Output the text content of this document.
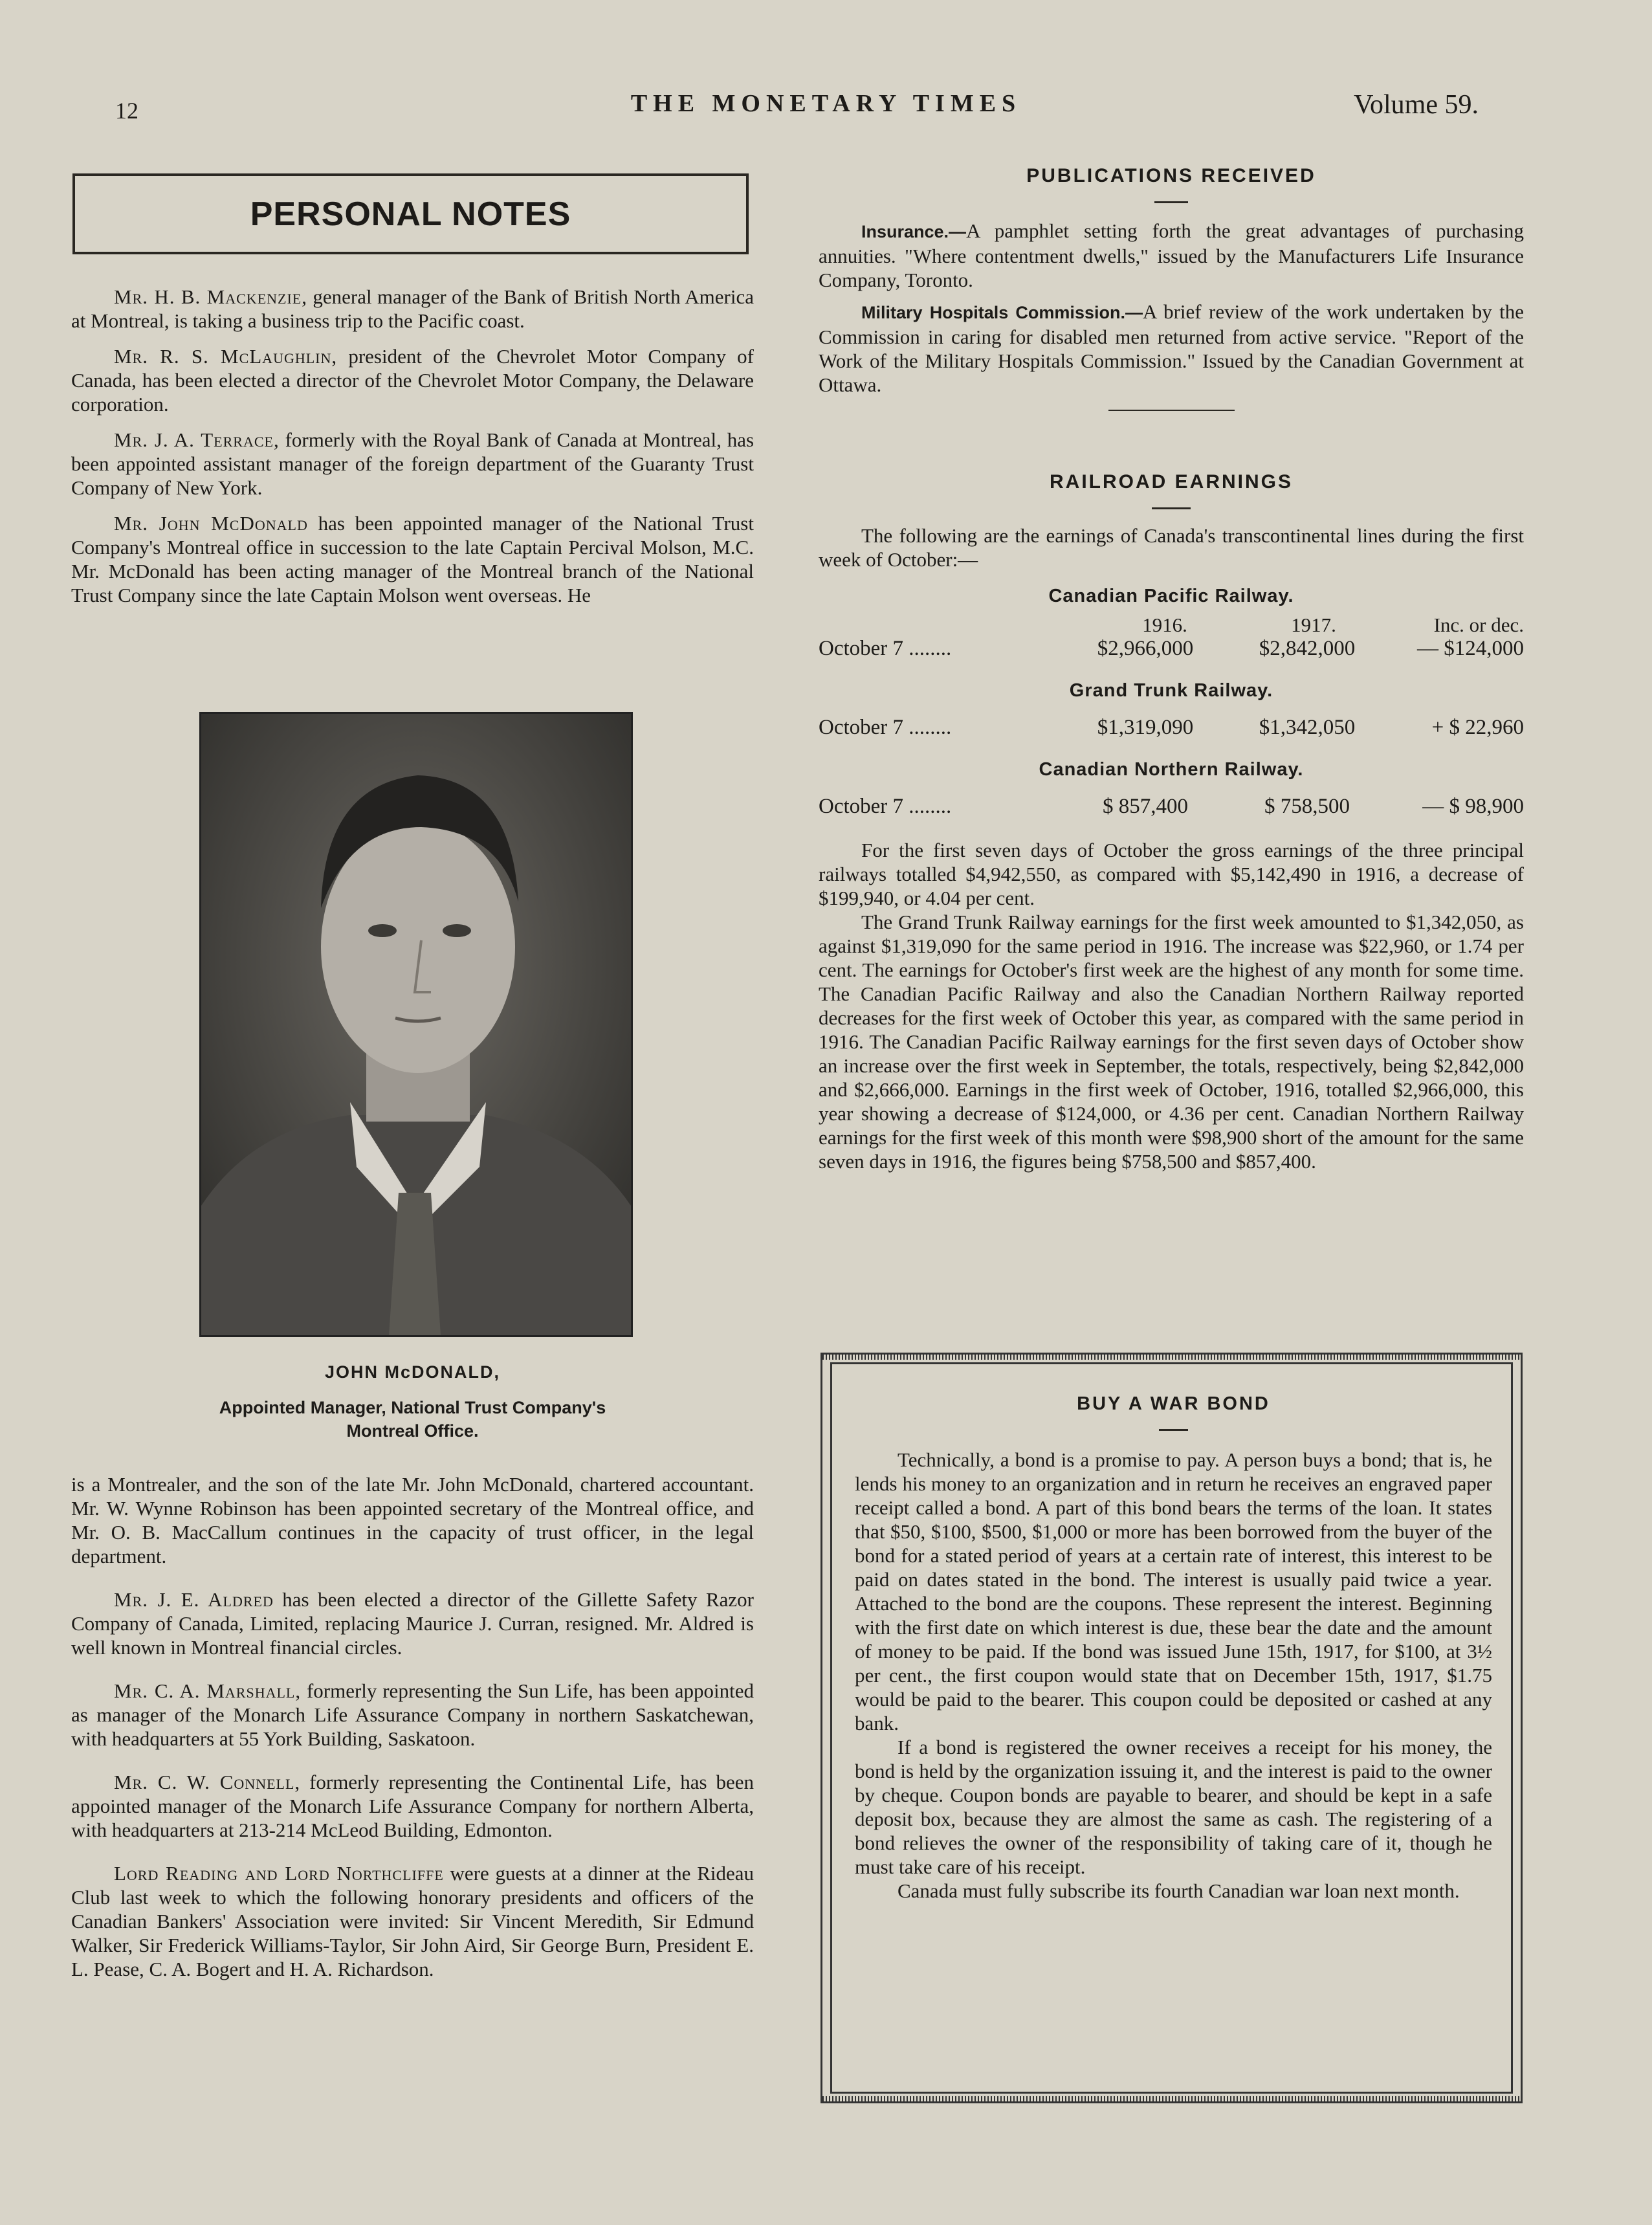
12	THE MONETARY TIMES	Volume 59.
PERSONAL NOTES

Mr. H. B. Mackenzie, general manager of the Bank of British North America at Montreal, is taking a business trip to the Pacific coast.

Mr. R. S. McLaughlin, president of the Chevrolet Motor Company of Canada, has been elected a director of the Chevrolet Motor Company, the Delaware corporation.

Mr. J. A. Terrace, formerly with the Royal Bank of Canada at Montreal, has been appointed assistant manager of the foreign department of the Guaranty Trust Company of New York.

Mr. John McDonald has been appointed manager of the National Trust Company's Montreal office in succession to the late Captain Percival Molson, M.C. Mr. McDonald has been acting manager of the Montreal branch of the National Trust Company since the late Captain Molson went overseas. He

JOHN McDONALD,
Appointed Manager, National Trust Company's
Montreal Office.

is a Montrealer, and the son of the late Mr. John McDonald, chartered accountant. Mr. W. Wynne Robinson has been appointed secretary of the Montreal office, and Mr. O. B. MacCallum continues in the capacity of trust officer, in the legal department.

Mr. J. E. Aldred has been elected a director of the Gillette Safety Razor Company of Canada, Limited, replacing Maurice J. Curran, resigned. Mr. Aldred is well known in Montreal financial circles.

Mr. C. A. Marshall, formerly representing the Sun Life, has been appointed as manager of the Monarch Life Assurance Company in northern Saskatchewan, with headquarters at 55 York Building, Saskatoon.

Mr. C. W. Connell, formerly representing the Continental Life, has been appointed manager of the Monarch Life Assurance Company for northern Alberta, with headquarters at 213-214 McLeod Building, Edmonton.

Lord Reading and Lord Northcliffe were guests at a dinner at the Rideau Club last week to which the following honorary presidents and officers of the Canadian Bankers' Association were invited: Sir Vincent Meredith, Sir Edmund Walker, Sir Frederick Williams-Taylor, Sir John Aird, Sir George Burn, President E. L. Pease, C. A. Bogert and H. A. Richardson.

PUBLICATIONS RECEIVED

Insurance.—A pamphlet setting forth the great advantages of purchasing annuities. "Where contentment dwells," issued by the Manufacturers Life Insurance Company, Toronto.

Military Hospitals Commission.—A brief review of the work undertaken by the Commission in caring for disabled men returned from active service. "Report of the Work of the Military Hospitals Commission." Issued by the Canadian Government at Ottawa.

RAILROAD EARNINGS

The following are the earnings of Canada's transcontinental lines during the first week of October:—

Canadian Pacific Railway.
1916.	1917.	Inc. or dec.
October 7 ........	$2,966,000	$2,842,000	— $124,000
Grand Trunk Railway.
October 7 ........	$1,319,090	$1,342,050	+ $ 22,960
Canadian Northern Railway.
October 7 ........	$ 857,400	$ 758,500	— $ 98,900

For the first seven days of October the gross earnings of the three principal railways totalled $4,942,550, as compared with $5,142,490 in 1916, a decrease of $199,940, or 4.04 per cent.

The Grand Trunk Railway earnings for the first week amounted to $1,342,050, as against $1,319,090 for the same period in 1916. The increase was $22,960, or 1.74 per cent. The earnings for October's first week are the highest of any month for some time. The Canadian Pacific Railway and also the Canadian Northern Railway reported decreases for the first week of October this year, as compared with the same period in 1916. The Canadian Pacific Railway earnings for the first seven days of October show an increase over the first week in September, the totals, respectively, being $2,842,000 and $2,666,000. Earnings in the first week of October, 1916, totalled $2,966,000, this year showing a decrease of $124,000, or 4.36 per cent. Canadian Northern Railway earnings for the first week of this month were $98,900 short of the amount for the same seven days in 1916, the figures being $758,500 and $857,400.

BUY A WAR BOND

Technically, a bond is a promise to pay. A person buys a bond; that is, he lends his money to an organization and in return he receives an engraved paper receipt called a bond. A part of this bond bears the terms of the loan. It states that $50, $100, $500, $1,000 or more has been borrowed from the buyer of the bond for a stated period of years at a certain rate of interest, this interest to be paid on dates stated in the bond. The interest is usually paid twice a year. Attached to the bond are the coupons. These represent the interest. Beginning with the first date on which interest is due, these bear the date and the amount of money to be paid. If the bond was issued June 15th, 1917, for $100, at 3½ per cent., the first coupon would state that on December 15th, 1917, $1.75 would be paid to the bearer. This coupon could be deposited or cashed at any bank.

If a bond is registered the owner receives a receipt for his money, the bond is held by the organization issuing it, and the interest is paid to the owner by cheque. Coupon bonds are payable to bearer, and should be kept in a safe deposit box, because they are almost the same as cash. The registering of a bond relieves the owner of the responsibility of taking care of it, though he must take care of his receipt.

Canada must fully subscribe its fourth Canadian war loan next month.
